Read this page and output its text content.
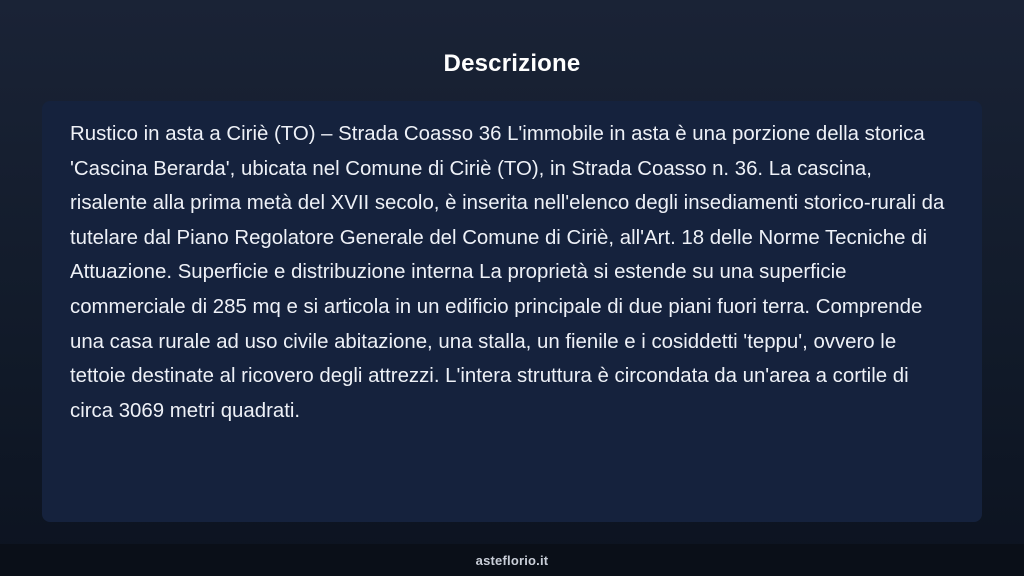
Descrizione

Rustico in asta a Ciriè (TO) – Strada Coasso 36 L'immobile in asta è una porzione della storica 'Cascina Berarda', ubicata nel Comune di Ciriè (TO), in Strada Coasso n. 36. La cascina, risalente alla prima metà del XVII secolo, è inserita nell'elenco degli insediamenti storico-rurali da tutelare dal Piano Regolatore Generale del Comune di Ciriè, all'Art. 18 delle Norme Tecniche di Attuazione. Superficie e distribuzione interna La proprietà si estende su una superficie commerciale di 285 mq e si articola in un edificio principale di due piani fuori terra. Comprende una casa rurale ad uso civile abitazione, una stalla, un fienile e i cosiddetti 'teppu', ovvero le tettoie destinate al ricovero degli attrezzi. L'intera struttura è circondata da un'area a cortile di circa 3069 metri quadrati.

asteflorio.it
